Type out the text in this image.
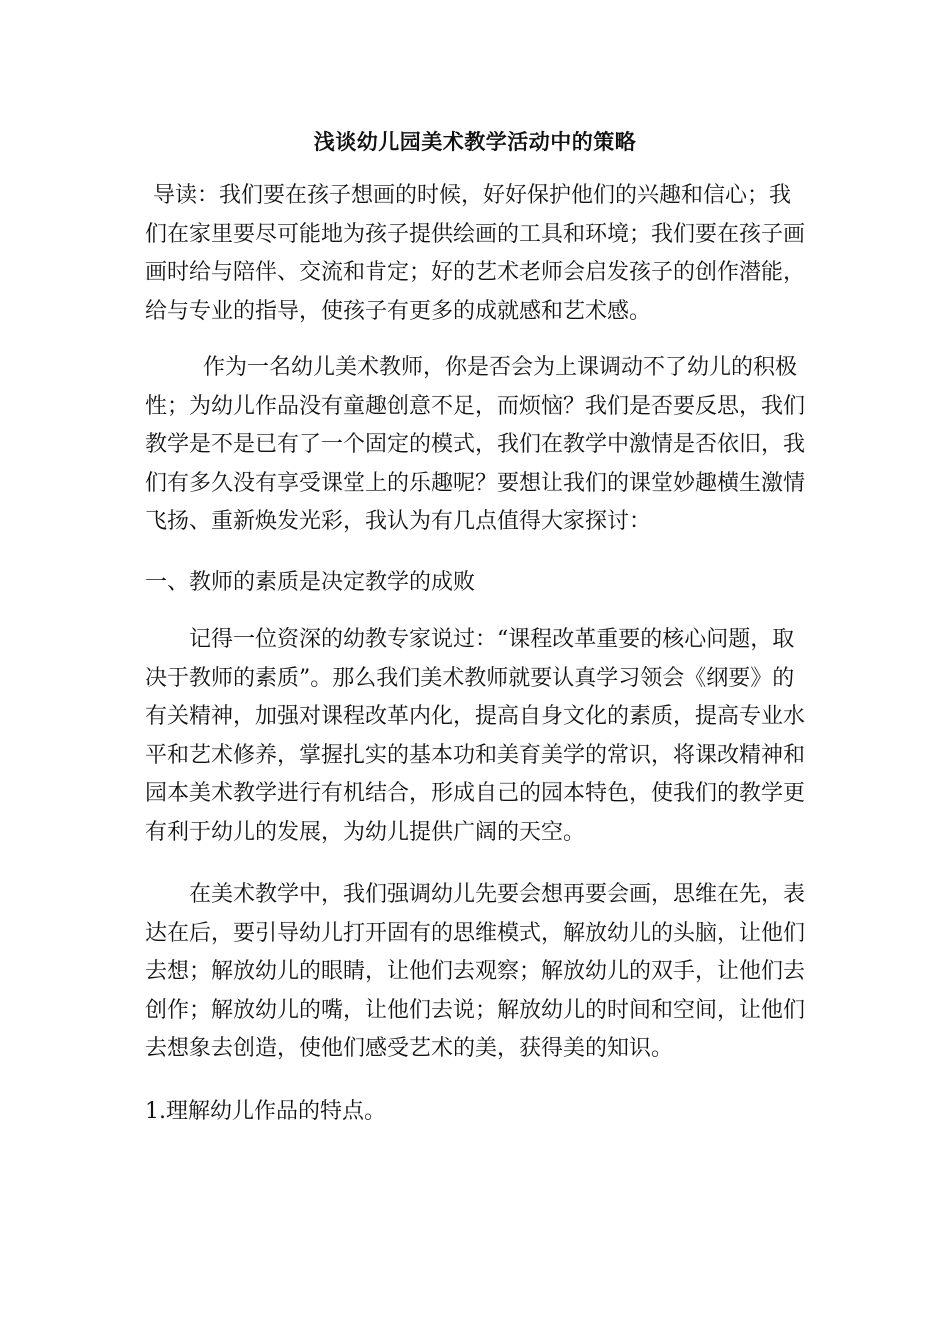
浅谈幼儿园美术教学活动中的策略

导读：我们要在孩子想画的时候，好好保护他们的兴趣和信心；我们在家里要尽可能地为孩子提供绘画的工具和环境；我们要在孩子画画时给与陪伴、交流和肯定；好的艺术老师会启发孩子的创作潜能，给与专业的指导，使孩子有更多的成就感和艺术感。

作为一名幼儿美术教师，你是否会为上课调动不了幼儿的积极性；为幼儿作品没有童趣创意不足，而烦恼？我们是否要反思，我们教学是不是已有了一个固定的模式，我们在教学中激情是否依旧，我们有多久没有享受课堂上的乐趣呢？要想让我们的课堂妙趣横生激情飞扬、重新焕发光彩，我认为有几点值得大家探讨：

一、教师的素质是决定教学的成败

记得一位资深的幼教专家说过：“课程改革重要的核心问题，取决于教师的素质”。那么我们美术教师就要认真学习领会《纲要》的有关精神，加强对课程改革内化，提高自身文化的素质，提高专业水平和艺术修养，掌握扎实的基本功和美育美学的常识，将课改精神和园本美术教学进行有机结合，形成自己的园本特色，使我们的教学更有利于幼儿的发展，为幼儿提供广阔的天空。

在美术教学中，我们强调幼儿先要会想再要会画，思维在先，表达在后，要引导幼儿打开固有的思维模式，解放幼儿的头脑，让他们去想；解放幼儿的眼睛，让他们去观察；解放幼儿的双手，让他们去创作；解放幼儿的嘴，让他们去说；解放幼儿的时间和空间，让他们去想象去创造，使他们感受艺术的美，获得美的知识。

1.理解幼儿作品的特点。
